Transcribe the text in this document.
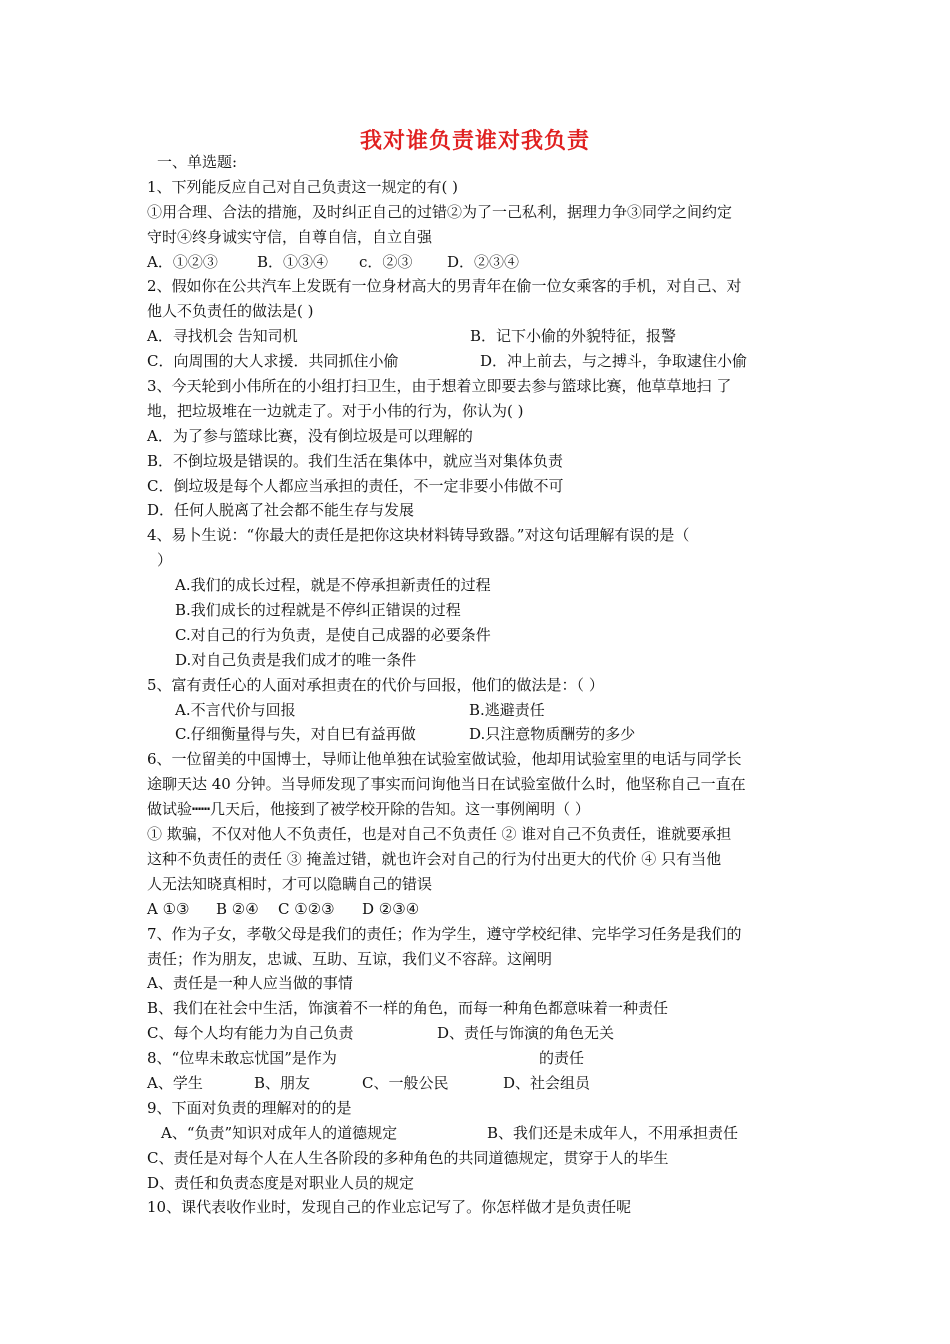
我对谁负责谁对我负责
一、单选题:
1、下列能反应自己对自己负责这一规定的有( )
①用合理、合法的措施，及时纠正自己的过错②为了一己私利，据理力争③同学之间约定
守时④终身诚实守信，自尊自信，自立自强
A．①②③	B．①③④ c．②③ D．②③④
2、假如你在公共汽车上发既有一位身材高大的男青年在偷一位女乘客的手机，对自己、对
他人不负责任的做法是( )
A．寻找机会 告知司机	B．记下小偷的外貌特征，报警
C．向周围的大人求援．共同抓住小偷	D．冲上前去，与之搏斗，争取逮住小偷
3、今天轮到小伟所在的小组打扫卫生，由于想着立即要去参与篮球比赛，他草草地扫 了
地，把垃圾堆在一边就走了。对于小伟的行为，你认为( )
A．为了参与篮球比赛，没有倒垃圾是可以理解的
B．不倒垃圾是错误的。我们生活在集体中，就应当对集体负责
C．倒垃圾是每个人都应当承担的责任，不一定非要小伟做不可
D．任何人脱离了社会都不能生存与发展
4、易卜生说：“你最大的责任是把你这块材料铸导致器。”对这句话理解有误的是（
）
A.我们的成长过程，就是不停承担新责任的过程
B.我们成长的过程就是不停纠正错误的过程
C.对自己的行为负责，是使自己成器的必要条件
D.对自己负责是我们成才的唯一条件
5、富有责任心的人面对承担责在的代价与回报，他们的做法是：（ ）
A.不言代价与回报	B.逃避责任
C.仔细衡量得与失，对自巳有益再做	D.只注意物质酬劳的多少
6、一位留美的中国博士，导师让他单独在试验室做试验，他却用试验室里的电话与同学长
途聊天达 40 分钟。当导师发现了事实而问询他当日在试验室做什么时，他坚称自己一直在
做试验┅┅几天后，他接到了被学校开除的告知。这一事例阐明（ ）
① 欺骗，不仅对他人不负责任，也是对自己不负责任 ② 谁对自己不负责任，谁就要承担
这种不负责任的责任 ③ 掩盖过错，就也许会对自己的行为付出更大的代价 ④ 只有当他
人无法知晓真相时，才可以隐瞒自己的错误
A ①③ B ②④ C ①②③ D ②③④
7、作为子女，孝敬父母是我们的责任；作为学生，遵守学校纪律、完毕学习任务是我们的
责任；作为朋友，忠诚、互助、互谅，我们义不容辞。这阐明
A、责任是一种人应当做的事情
B、我们在社会中生活，饰演着不一样的角色，而每一种角色都意味着一种责任
C、每个人均有能力为自己负责	D、责任与饰演的角色无关
8、“位卑未敢忘忧国”是作为	的责任
A、学生	B、朋友	C、一般公民	D、社会组员
9、下面对负责的理解对的的是
A、“负责”知识对成年人的道德规定	B、我们还是未成年人，不用承担责任
C、责任是对每个人在人生各阶段的多种角色的共同道德规定，贯穿于人的毕生
D、责任和负责态度是对职业人员的规定
10、课代表收作业时，发现自己的作业忘记写了。你怎样做才是负责任呢
